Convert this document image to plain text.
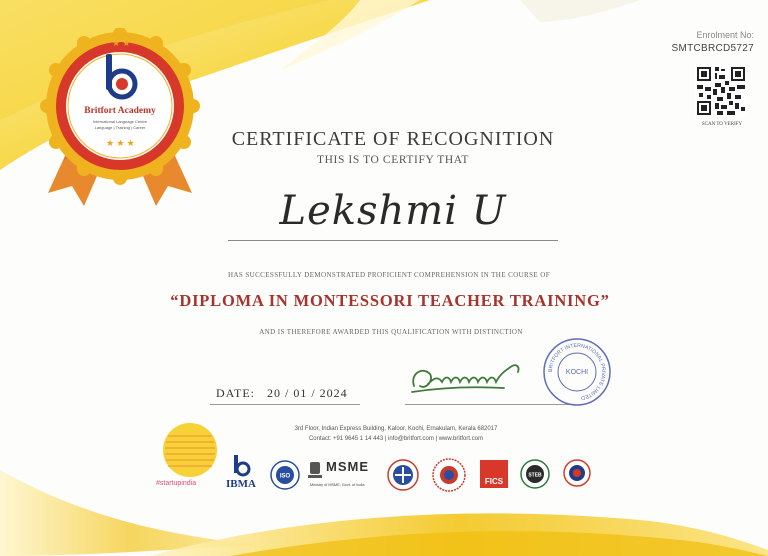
★ ★
★ ★ ★
Britfort Academy
International Language Centre
Language | Training | Career
Enrolment No:
SMTCBRCD5727
SCAN TO VERIFY
CERTIFICATE OF RECOGNITION
THIS IS TO CERTIFY THAT
Lekshmi U
HAS SUCCESSFULLY DEMONSTRATED PROFICIENT COMPREHENSION IN THE COURSE OF
“DIPLOMA IN MONTESSORI TEACHER TRAINING”
AND IS THEREFORE AWARDED THIS QUALIFICATION WITH DISTINCTION
DATE: 20 / 01 / 2024
BRITFORT INTERNATIONAL PRIVATE LIMITED
KOCHI
3rd Floor, Indian Express Building, Kaloor, Kochi, Ernakulam, Kerala 682017
Contact: +91 9645 1 14 443 | info@britfort.com | www.britfort.com
#startupindia	IBMA
ISO
MSME
Ministry of MSME, Govt. of India	FICS
STEB
